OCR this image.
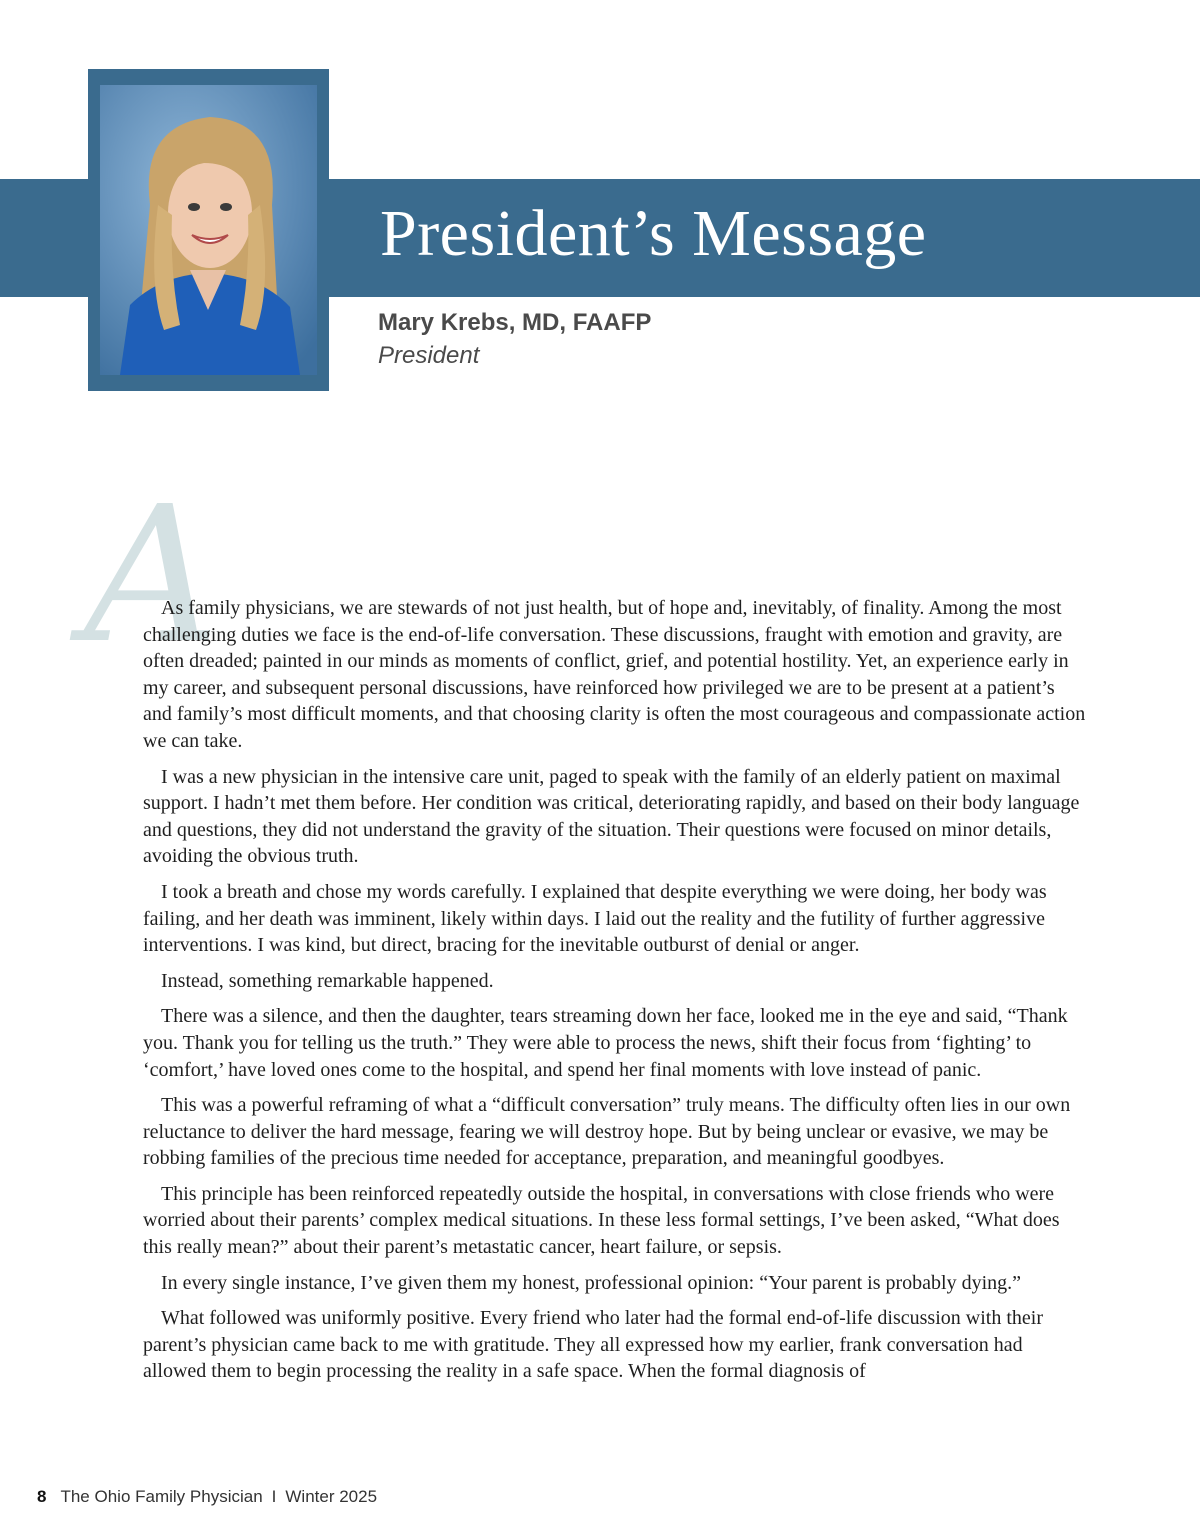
President’s Message

Mary Krebs, MD, FAAFP

President

A

As family physicians, we are stewards of not just health, but of hope and, inevitably, of finality. Among the most challenging duties we face is the end-of-life conversation. These discussions, fraught with emotion and gravity, are often dreaded; painted in our minds as moments of conflict, grief, and potential hostility. Yet, an experience early in my career, and subsequent personal discussions, have reinforced how privileged we are to be present at a patient’s and family’s most difficult moments, and that choosing clarity is often the most courageous and compassionate action we can take.

I was a new physician in the intensive care unit, paged to speak with the family of an elderly patient on maximal support. I hadn’t met them before. Her condition was critical, deteriorating rapidly, and based on their body language and questions, they did not understand the gravity of the situation. Their questions were focused on minor details, avoiding the obvious truth.

I took a breath and chose my words carefully. I explained that despite everything we were doing, her body was failing, and her death was imminent, likely within days. I laid out the reality and the futility of further aggressive interventions. I was kind, but direct, bracing for the inevitable outburst of denial or anger.

Instead, something remarkable happened.

There was a silence, and then the daughter, tears streaming down her face, looked me in the eye and said, “Thank you. Thank you for telling us the truth.” They were able to process the news, shift their focus from ‘fighting’ to ‘comfort,’ have loved ones come to the hospital, and spend her final moments with love instead of panic.

This was a powerful reframing of what a “difficult conversation” truly means. The difficulty often lies in our own reluctance to deliver the hard message, fearing we will destroy hope. But by being unclear or evasive, we may be robbing families of the precious time needed for acceptance, preparation, and meaningful goodbyes.

This principle has been reinforced repeatedly outside the hospital, in conversations with close friends who were worried about their parents’ complex medical situations. In these less formal settings, I’ve been asked, “What does this really mean?” about their parent’s metastatic cancer, heart failure, or sepsis.

In every single instance, I’ve given them my honest, professional opinion: “Your parent is probably dying.”

What followed was uniformly positive. Every friend who later had the formal end-of-life discussion with their parent’s physician came back to me with gratitude. They all expressed how my earlier, frank conversation had allowed them to begin processing the reality in a safe space. When the formal diagnosis of

8 The Ohio Family Physician I Winter 2025
